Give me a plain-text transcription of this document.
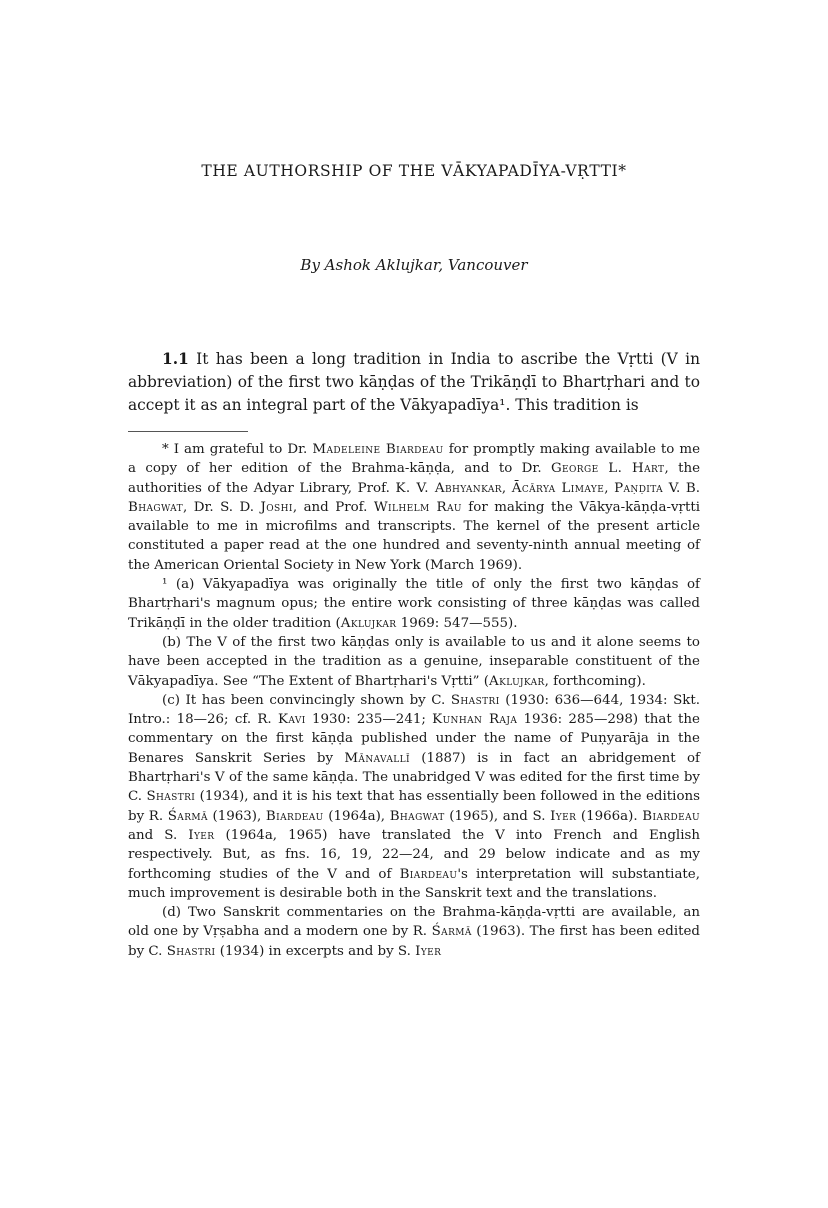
THE AUTHORSHIP OF THE VĀKYAPADĪYA-VṚTTI*
By Ashok Aklujkar, Vancouver

1.1 It has been a long tradition in India to ascribe the Vṛtti (V in abbreviation) of the first two kāṇḍas of the Trikāṇḍī to Bhartṛhari and to accept it as an integral part of the Vākyapadīya¹. This tradition is

* I am grateful to Dr. Madeleine Biardeau for promptly making available to me a copy of her edition of the Brahma-kāṇḍa, and to Dr. George L. Hart, the authorities of the Adyar Library, Prof. K. V. Abhyankar, Ācārya Limaye, Paṇḍita V. B. Bhagwat, Dr. S. D. Joshi, and Prof. Wilhelm Rau for making the Vākya-kāṇḍa-vṛtti available to me in microfilms and transcripts. The kernel of the present article constituted a paper read at the one hundred and seventy-ninth annual meeting of the American Oriental Society in New York (March 1969).

¹ (a) Vākyapadīya was originally the title of only the first two kāṇḍas of Bhartṛhari's magnum opus; the entire work consisting of three kāṇḍas was called Trikāṇḍī in the older tradition (Aklujkar 1969: 547—555).

(b) The V of the first two kāṇḍas only is available to us and it alone seems to have been accepted in the tradition as a genuine, inseparable constituent of the Vākyapadīya. See “The Extent of Bhartṛhari's Vṛtti” (Aklujkar, forthcoming).

(c) It has been convincingly shown by C. Shastri (1930: 636—644, 1934: Skt. Intro.: 18—26; cf. R. Kavi 1930: 235—241; Kunhan Raja 1936: 285—298) that the commentary on the first kāṇḍa published under the name of Puṇyarāja in the Benares Sanskrit Series by Mānavallī (1887) is in fact an abridgement of Bhartṛhari's V of the same kāṇḍa. The unabridged V was edited for the first time by C. Shastri (1934), and it is his text that has essentially been followed in the editions by R. Śarmā (1963), Biardeau (1964a), Bhagwat (1965), and S. Iyer (1966a). Biardeau and S. Iyer (1964a, 1965) have translated the V into French and English respectively. But, as fns. 16, 19, 22—24, and 29 below indicate and as my forthcoming studies of the V and of Biardeau's interpretation will substantiate, much improvement is desirable both in the Sanskrit text and the translations.

(d) Two Sanskrit commentaries on the Brahma-kāṇḍa-vṛtti are available, an old one by Vṛṣabha and a modern one by R. Śarmā (1963). The first has been edited by C. Shastri (1934) in excerpts and by S. Iyer
